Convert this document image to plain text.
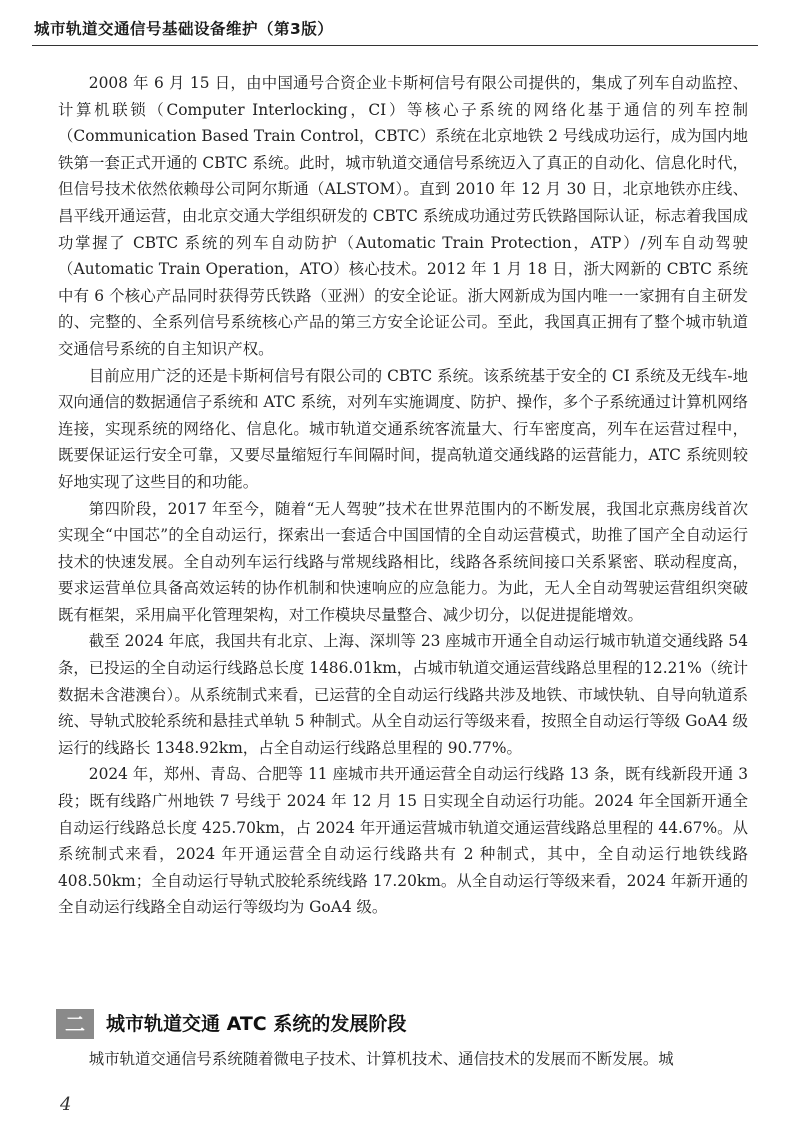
城市轨道交通信号基础设备维护（第3版）

2008 年 6 月 15 日，由中国通号合资企业卡斯柯信号有限公司提供的，集成了列车自动监控、计算机联锁（Computer Interlocking，CI）等核心子系统的网络化基于通信的列车控制（Communication Based Train Control，CBTC）系统在北京地铁 2 号线成功运行，成为国内地铁第一套正式开通的 CBTC 系统。此时，城市轨道交通信号系统迈入了真正的自动化、信息化时代，但信号技术依然依赖母公司阿尔斯通（ALSTOM）。直到 2010 年 12 月 30 日，北京地铁亦庄线、昌平线开通运营，由北京交通大学组织研发的 CBTC 系统成功通过劳氏铁路国际认证，标志着我国成功掌握了 CBTC 系统的列车自动防护（Automatic Train Protection，ATP）/列车自动驾驶（Automatic Train Operation，ATO）核心技术。2012 年 1 月 18 日，浙大网新的 CBTC 系统中有 6 个核心产品同时获得劳氏铁路（亚洲）的安全论证。浙大网新成为国内唯一一家拥有自主研发的、完整的、全系列信号系统核心产品的第三方安全论证公司。至此，我国真正拥有了整个城市轨道交通信号系统的自主知识产权。

目前应用广泛的还是卡斯柯信号有限公司的 CBTC 系统。该系统基于安全的 CI 系统及无线车-地双向通信的数据通信子系统和 ATC 系统，对列车实施调度、防护、操作，多个子系统通过计算机网络连接，实现系统的网络化、信息化。城市轨道交通系统客流量大、行车密度高，列车在运营过程中，既要保证运行安全可靠，又要尽量缩短行车间隔时间，提高轨道交通线路的运营能力，ATC 系统则较好地实现了这些目的和功能。

第四阶段，2017 年至今，随着“无人驾驶”技术在世界范围内的不断发展，我国北京燕房线首次实现全“中国芯”的全自动运行，探索出一套适合中国国情的全自动运营模式，助推了国产全自动运行技术的快速发展。全自动列车运行线路与常规线路相比，线路各系统间接口关系紧密、联动程度高，要求运营单位具备高效运转的协作机制和快速响应的应急能力。为此，无人全自动驾驶运营组织突破既有框架，采用扁平化管理架构，对工作模块尽量整合、减少切分，以促进提能增效。

截至 2024 年底，我国共有北京、上海、深圳等 23 座城市开通全自动运行城市轨道交通线路 54 条，已投运的全自动运行线路总长度 1486.01km，占城市轨道交通运营线路总里程的12.21%（统计数据未含港澳台）。从系统制式来看，已运营的全自动运行线路共涉及地铁、市域快轨、自导向轨道系统、导轨式胶轮系统和悬挂式单轨 5 种制式。从全自动运行等级来看，按照全自动运行等级 GoA4 级运行的线路长 1348.92km，占全自动运行线路总里程的 90.77%。

2024 年，郑州、青岛、合肥等 11 座城市共开通运营全自动运行线路 13 条，既有线新段开通 3 段；既有线路广州地铁 7 号线于 2024 年 12 月 15 日实现全自动运行功能。2024 年全国新开通全自动运行线路总长度 425.70km，占 2024 年开通运营城市轨道交通运营线路总里程的 44.67%。从系统制式来看，2024 年开通运营全自动运行线路共有 2 种制式，其中，全自动运行地铁线路 408.50km；全自动运行导轨式胶轮系统线路 17.20km。从全自动运行等级来看，2024 年新开通的全自动运行线路全自动运行等级均为 GoA4 级。

二	城市轨道交通 ATC 系统的发展阶段

城市轨道交通信号系统随着微电子技术、计算机技术、通信技术的发展而不断发展。城

4
